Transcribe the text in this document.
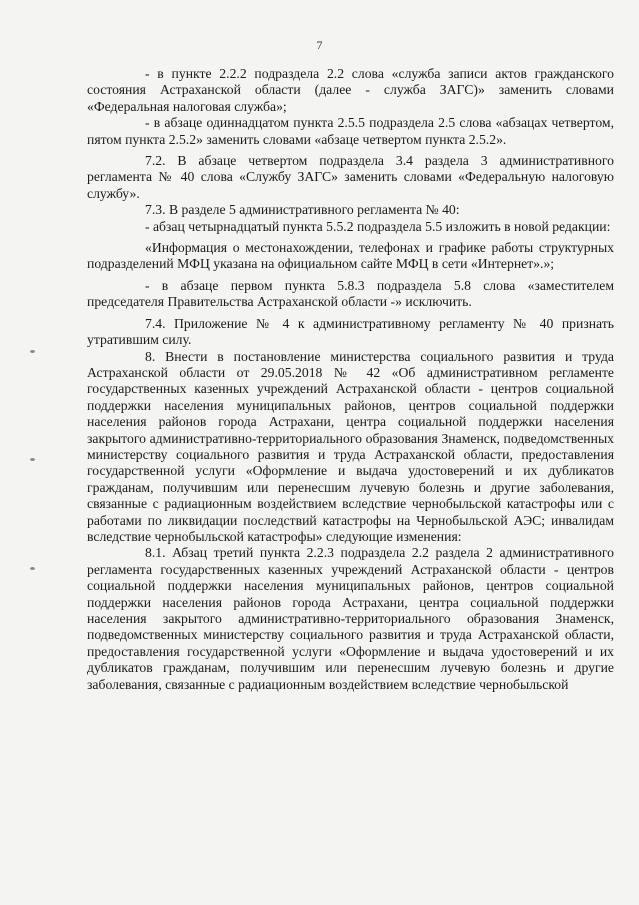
7

- в пункте 2.2.2 подраздела 2.2 слова «служба записи актов гражданского состояния Астраханской области (далее - служба ЗАГС)» заменить словами «Федеральная налоговая служба»;

- в абзаце одиннадцатом пункта 2.5.5 подраздела 2.5 слова «абзацах четвертом, пятом пункта 2.5.2» заменить словами «абзаце четвертом пункта 2.5.2».

7.2. В абзаце четвертом подраздела 3.4 раздела 3 административного регламента № 40 слова «Службу ЗАГС» заменить словами «Федеральную налоговую службу».

7.3. В разделе 5 административного регламента № 40:

- абзац четырнадцатый пункта 5.5.2 подраздела 5.5 изложить в новой редакции:

«Информация о местонахождении, телефонах и графике работы структурных подразделений МФЦ указана на официальном сайте МФЦ в сети «Интернет».»;

- в абзаце первом пункта 5.8.3 подраздела 5.8 слова «заместителем председателя Правительства Астраханской области -» исключить.

7.4. Приложение № 4 к административному регламенту № 40 признать утратившим силу.

8. Внести в постановление министерства социального развития и труда Астраханской области от 29.05.2018 № 42 «Об административном регламенте государственных казенных учреждений Астраханской области - центров социальной поддержки населения муниципальных районов, центров социальной поддержки населения районов города Астрахани, центра социальной поддержки населения закрытого административно-территориального образования Знаменск, подведомственных министерству социального развития и труда Астраханской области, предоставления государственной услуги «Оформление и выдача удостоверений и их дубликатов гражданам, получившим или перенесшим лучевую болезнь и другие заболевания, связанные с радиационным воздействием вследствие чернобыльской катастрофы или с работами по ликвидации последствий катастрофы на Чернобыльской АЭС; инвалидам вследствие чернобыльской катастрофы» следующие изменения:

8.1. Абзац третий пункта 2.2.3 подраздела 2.2 раздела 2 административного регламента государственных казенных учреждений Астраханской области - центров социальной поддержки населения муниципальных районов, центров социальной поддержки населения районов города Астрахани, центра социальной поддержки населения закрытого административно-территориального образования Знаменск, подведомственных министерству социального развития и труда Астраханской области, предоставления государственной услуги «Оформление и выдача удостоверений и их дубликатов гражданам, получившим или перенесшим лучевую болезнь и другие заболевания, связанные с радиационным воздействием вследствие чернобыльской
